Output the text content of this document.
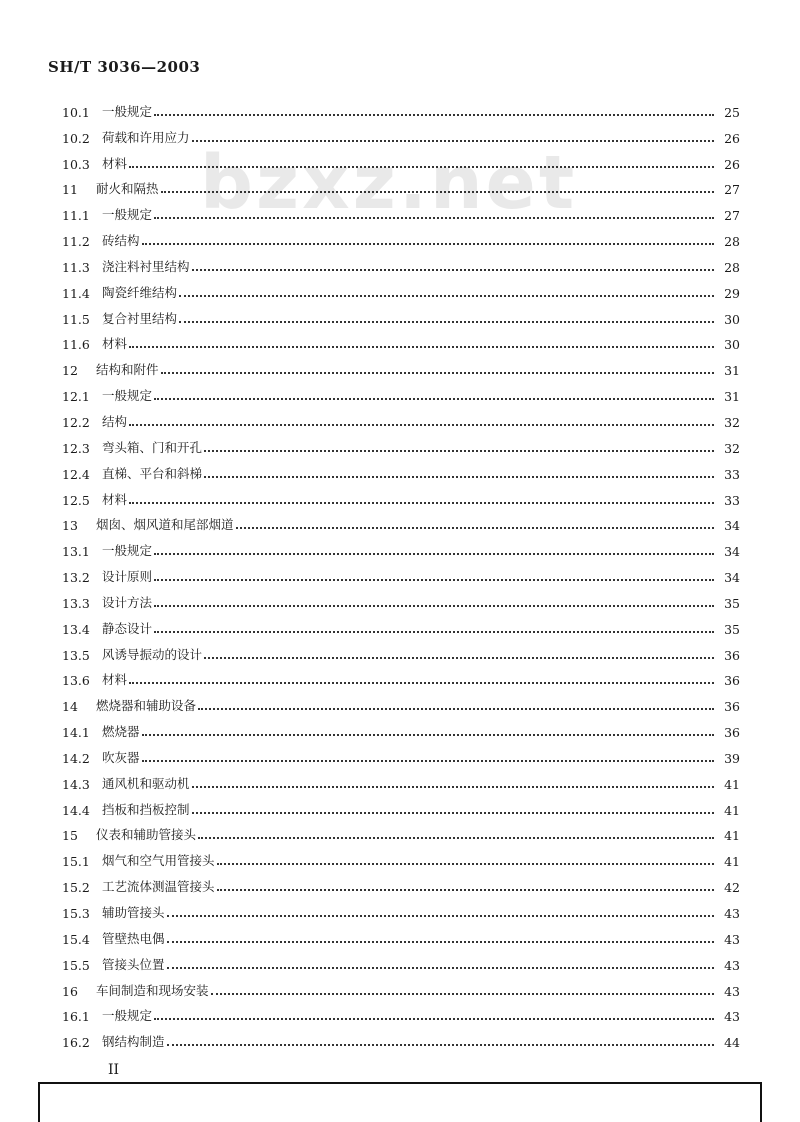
SH/T 3036—2003
bzxz.net
10.1 一般规定	25
10.2 荷载和许用应力	26
10.3 材料	26
11	耐火和隔热	27
11.1 一般规定	27
11.2 砖结构	28
11.3 浇注料衬里结构	28
11.4 陶瓷纤维结构	29
11.5 复合衬里结构	30
11.6 材料	30
12	结构和附件	31
12.1 一般规定	31
12.2 结构	32
12.3 弯头箱、门和开孔	32
12.4 直梯、平台和斜梯	33
12.5 材料	33
13	烟囱、烟风道和尾部烟道	34
13.1 一般规定	34
13.2 设计原则	34
13.3 设计方法	35
13.4 静态设计	35
13.5 风诱导振动的设计	36
13.6 材料	36
14	燃烧器和辅助设备	36
14.1 燃烧器	36
14.2 吹灰器	39
14.3 通风机和驱动机	41
14.4 挡板和挡板控制	41
15	仪表和辅助管接头	41
15.1 烟气和空气用管接头	41
15.2 工艺流体测温管接头	42
15.3 辅助管接头	43
15.4 管壁热电偶	43
15.5 管接头位置	43
16	车间制造和现场安装	43
16.1 一般规定	43
16.2 钢结构制造	44
II
